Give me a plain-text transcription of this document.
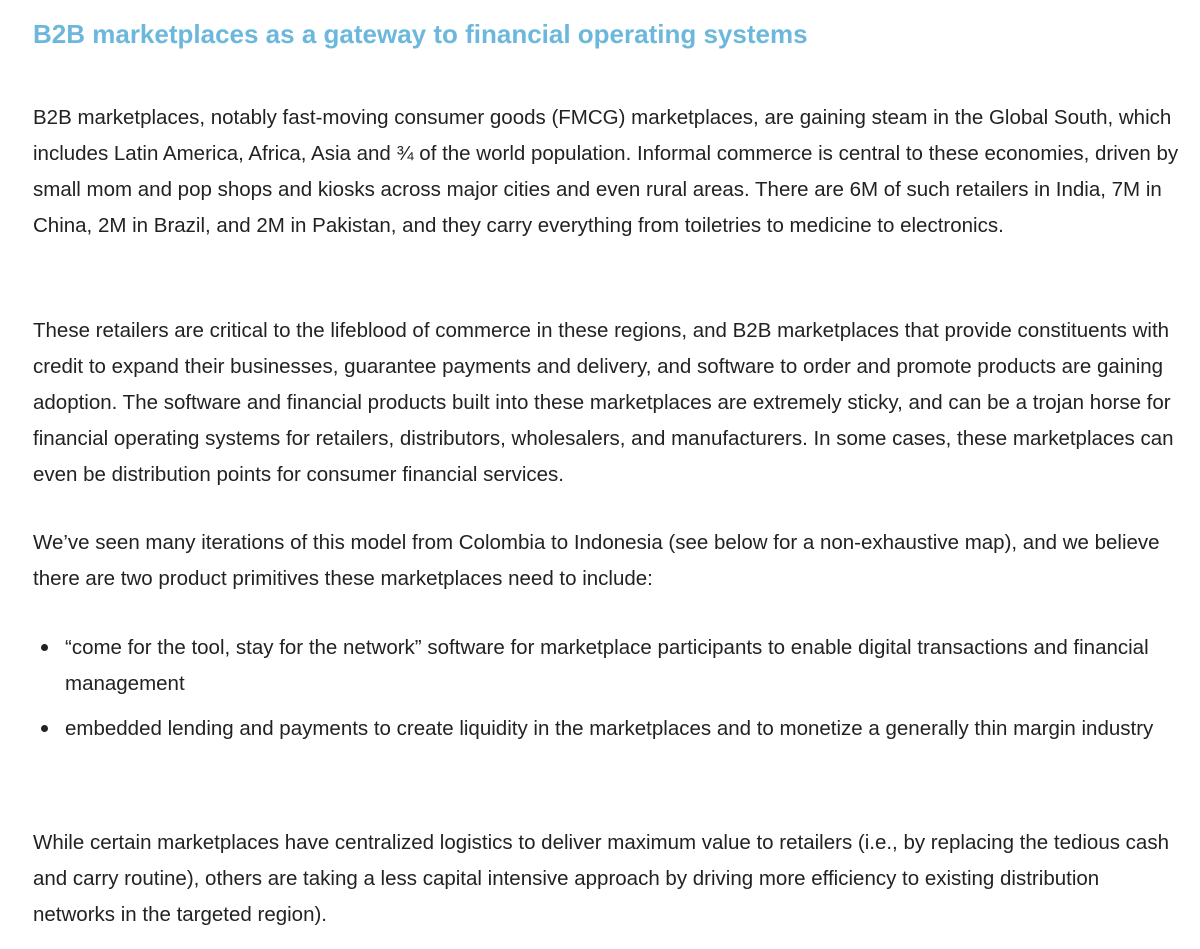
B2B marketplaces as a gateway to financial operating systems

B2B marketplaces, notably fast-moving consumer goods (FMCG) marketplaces, are gaining steam in the Global South, which includes Latin America, Africa, Asia and ¾ of the world population. Informal commerce is central to these economies, driven by small mom and pop shops and kiosks across major cities and even rural areas. There are 6M of such retailers in India, 7M in China, 2M in Brazil, and 2M in Pakistan, and they carry everything from toiletries to medicine to electronics.

These retailers are critical to the lifeblood of commerce in these regions, and B2B marketplaces that provide constituents with credit to expand their businesses, guarantee payments and delivery, and software to order and promote products are gaining adoption. The software and financial products built into these marketplaces are extremely sticky, and can be a trojan horse for financial operating systems for retailers, distributors, wholesalers, and manufacturers. In some cases, these marketplaces can even be distribution points for consumer financial services.

We’ve seen many iterations of this model from Colombia to Indonesia (see below for a non-exhaustive map), and we believe there are two product primitives these marketplaces need to include:

“come for the tool, stay for the network” software for marketplace participants to enable digital transactions and financial management
embedded lending and payments to create liquidity in the marketplaces and to monetize a generally thin margin industry

While certain marketplaces have centralized logistics to deliver maximum value to retailers (i.e., by replacing the tedious cash and carry routine), others are taking a less capital intensive approach by driving more efficiency to existing distribution networks in the targeted region).
